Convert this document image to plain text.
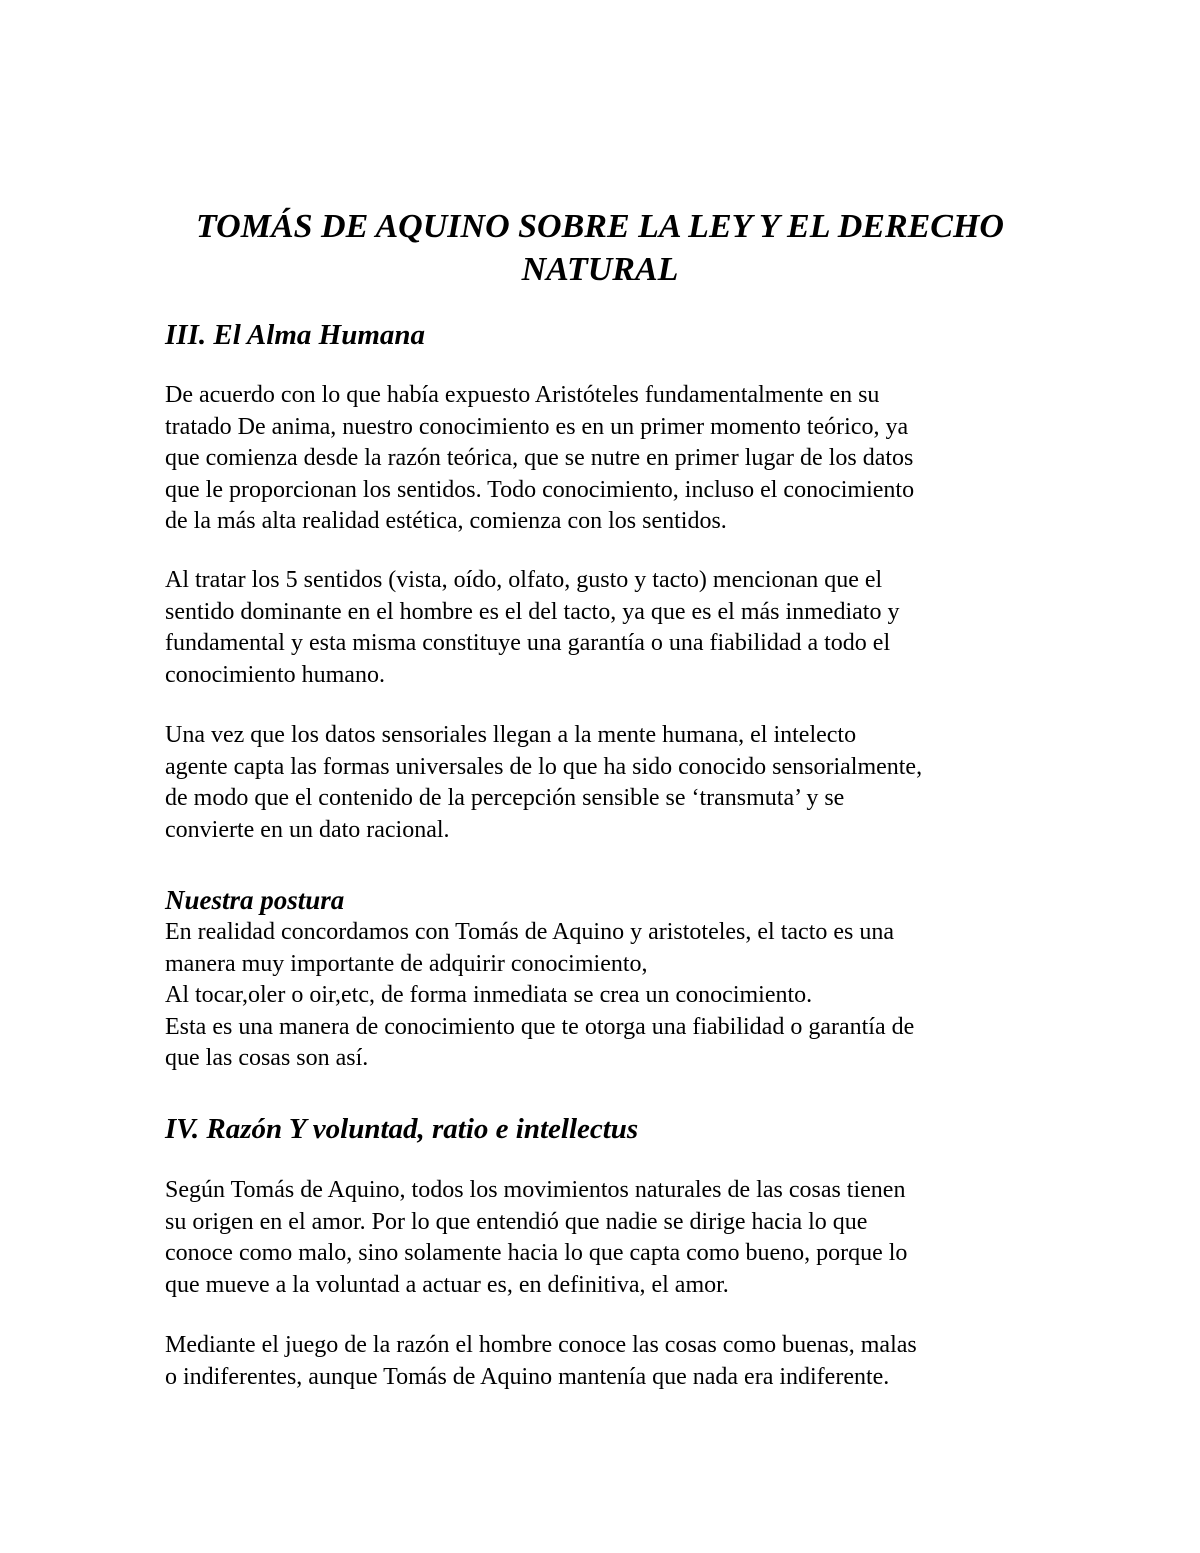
TOMÁS DE AQUINO SOBRE LA LEY Y EL DERECHO
NATURAL
III. El Alma Humana

De acuerdo con lo que había expuesto Aristóteles fundamentalmente en su
tratado De anima, nuestro conocimiento es en un primer momento teórico, ya
que comienza desde la razón teórica, que se nutre en primer lugar de los datos
que le proporcionan los sentidos. Todo conocimiento, incluso el conocimiento
de la más alta realidad estética, comienza con los sentidos.

Al tratar los 5 sentidos (vista, oído, olfato, gusto y tacto) mencionan que el
sentido dominante en el hombre es el del tacto, ya que es el más inmediato y
fundamental y esta misma constituye una garantía o una fiabilidad a todo el
conocimiento humano.

Una vez que los datos sensoriales llegan a la mente humana, el intelecto
agente capta las formas universales de lo que ha sido conocido sensorialmente,
de modo que el contenido de la percepción sensible se ‘transmuta’ y se
convierte en un dato racional.

Nuestra postura

En realidad concordamos con Tomás de Aquino y aristoteles, el tacto es una
manera muy importante de adquirir conocimiento,
Al tocar,oler o oir,etc, de forma inmediata se crea un conocimiento.
Esta es una manera de conocimiento que te otorga una fiabilidad o garantía de
que las cosas son así.

IV. Razón Y voluntad, ratio e intellectus

Según Tomás de Aquino, todos los movimientos naturales de las cosas tienen
su origen en el amor. Por lo que entendió que nadie se dirige hacia lo que
conoce como malo, sino solamente hacia lo que capta como bueno, porque lo
que mueve a la voluntad a actuar es, en definitiva, el amor.

Mediante el juego de la razón el hombre conoce las cosas como buenas, malas
o indiferentes, aunque Tomás de Aquino mantenía que nada era indiferente.
